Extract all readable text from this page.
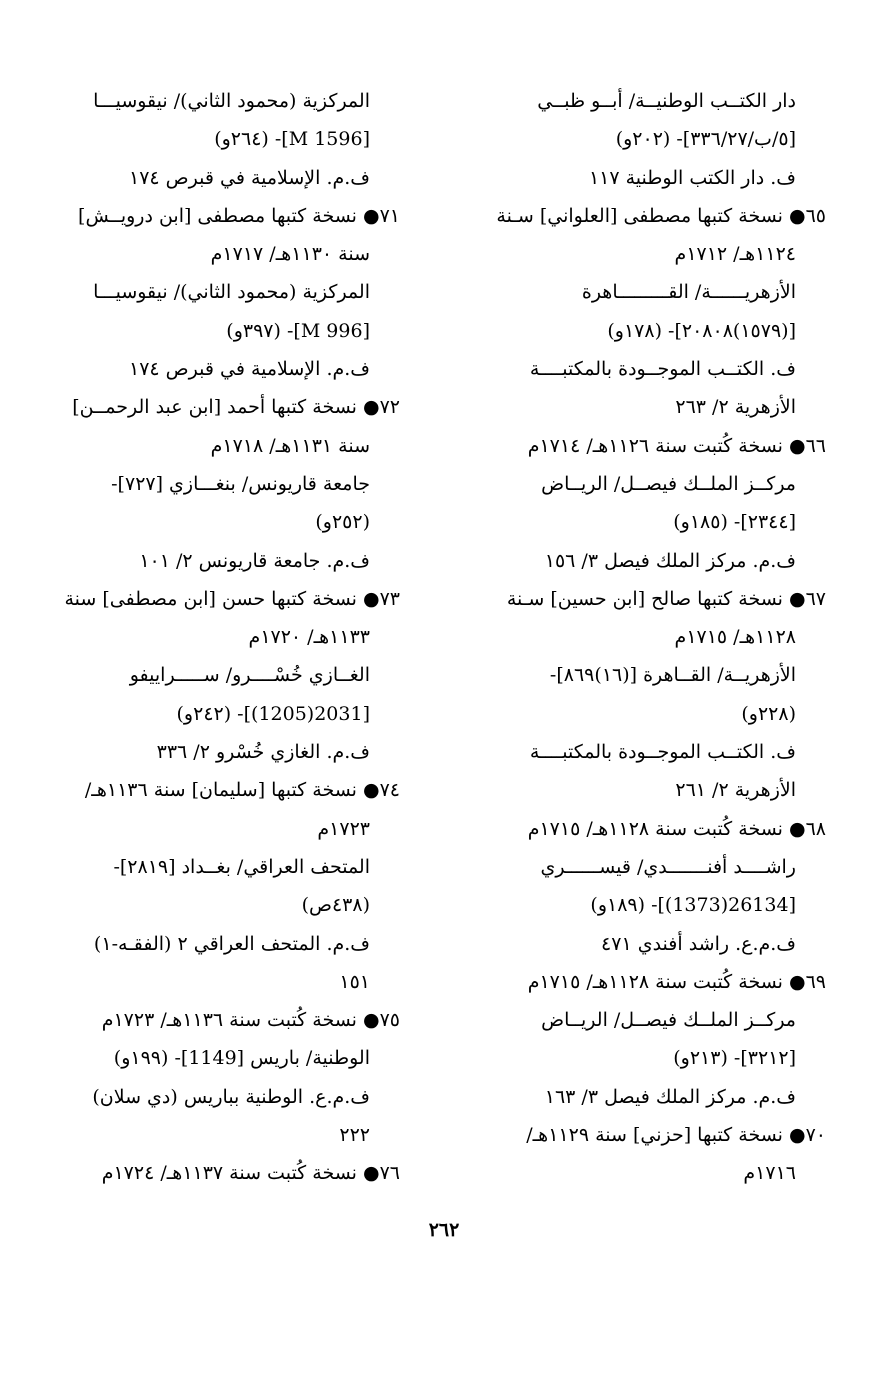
دار الكتــب الوطنيــة/ أبــو ظبــي
[٥/ب/٣٣٦/٢٧]- (٢٠٢و)
ف. دار الكتب الوطنية ١١٧
٦٥● نسخة كتبها مصطفى [العلواني] سـنة
١١٢٤هـ/ ١٧١٢م
الأزهريــــــة/ القـــــــــاهرة
[(١٥٧٩)٢٠٨٠٨]- (١٧٨و)
ف. الكتــب الموجــودة بالمكتبــــة
الأزهرية ٢/ ٢٦٣
٦٦● نسخة كُتبت سنة ١١٢٦هـ/ ١٧١٤م
مركــز الملــك فيصــل/ الريــاض
[٢٣٤٤]- (١٨٥و)
ف.م. مركز الملك فيصل ٣/ ١٥٦
٦٧● نسخة كتبها صالح [ابن حسين] سـنة
١١٢٨هـ/ ١٧١٥م
الأزهريــة/ القــاهرة [(١٦)٨٦٩]-
(٢٢٨و)
ف. الكتــب الموجــودة بالمكتبــــة
الأزهرية ٢/ ٢٦١
٦٨● نسخة كُتبت سنة ١١٢٨هـ/ ١٧١٥م
راشــــد أفنـــــــدي/ قيســــــري
[26134(1373)]- (١٨٩و)
ف.م.ع. راشد أفندي ٤٧١
٦٩● نسخة كُتبت سنة ١١٢٨هـ/ ١٧١٥م
مركــز الملــك فيصــل/ الريــاض
[٣٢١٢]- (٢١٣و)
ف.م. مركز الملك فيصل ٣/ ١٦٣
٧٠● نسخة كتبها [حزني] سنة ١١٢٩هـ/
١٧١٦م
المركزية (محمود الثاني)/ نيقوسيـــا
[M 1596]- (٢٦٤و)
ف.م. الإسلامية في قبرص ١٧٤
٧١● نسخة كتبها مصطفى [ابن درويــش]
سنة ١١٣٠هـ/ ١٧١٧م
المركزية (محمود الثاني)/ نيقوسيـــا
[M 996]- (٣٩٧و)
ف.م. الإسلامية في قبرص ١٧٤
٧٢● نسخة كتبها أحمد [ابن عبد الرحمــن]
سنة ١١٣١هـ/ ١٧١٨م
جامعة قاريونس/ بنغـــازي [٧٢٧]-
(٢٥٢و)
ف.م. جامعة قاريونس ٢/ ١٠١
٧٣● نسخة كتبها حسن [ابن مصطفى] سنة
١١٣٣هـ/ ١٧٢٠م
الغــازي خُسْــــرو/ ســـــراييفو
[2031(1205)]- (٢٤٢و)
ف.م. الغازي خُسْرو ٢/ ٣٣٦
٧٤● نسخة كتبها [سليمان] سنة ١١٣٦هـ/
١٧٢٣م
المتحف العراقي/ بغــداد [٢٨١٩]-
(٤٣٨ص)
ف.م. المتحف العراقي ٢ (الفقـه-١)
١٥١
٧٥● نسخة كُتبت سنة ١١٣٦هـ/ ١٧٢٣م
الوطنية/ باريس [1149]- (١٩٩و)
ف.م.ع. الوطنية بباريس (دي سلان)
٢٢٢
٧٦● نسخة كُتبت سنة ١١٣٧هـ/ ١٧٢٤م
٢٦٢
